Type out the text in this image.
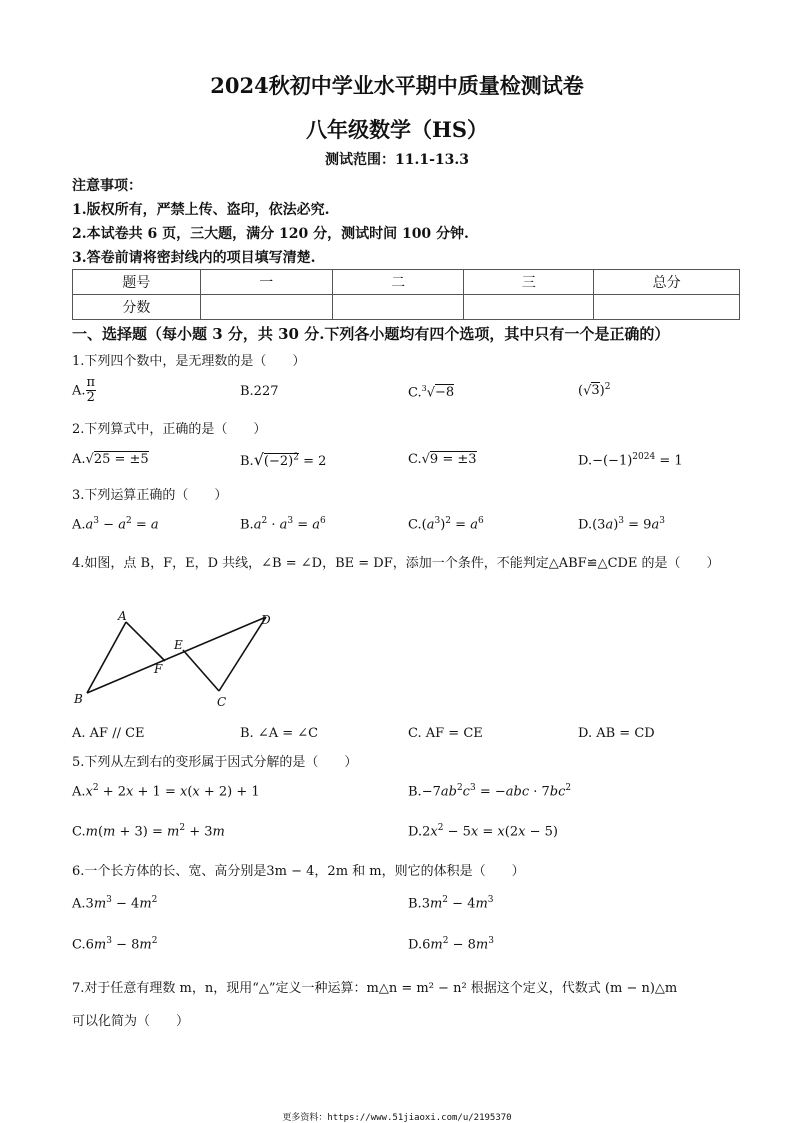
2024秋初中学业水平期中质量检测试卷
八年级数学（HS）
测试范围：11.1-13.3
注意事项：
1.版权所有，严禁上传、盗印，依法必究.
2.本试卷共 6 页，三大题，满分 120 分，测试时间 100 分钟.
3.答卷前请将密封线内的项目填写清楚.
题号	一	二	三	总分
分数				
一、选择题（每小题 3 分，共 30 分.下列各小题均有四个选项，其中只有一个是正确的）
1.下列四个数中，是无理数的是（　　）
A. $\frac{\pi}{2}$	B.227	C.$^3$√−8	$(√3)^2$
2.下列算式中，正确的是（　　）
A.√25 = ±5	$B.√(-2)^2 = 2$	C.√9 = ±3	$D.-(-1)^{2024} = 1$
3.下列运算正确的（　　）
$A.a^3 - a^2 = a$	$B.a^2 \cdot a^3 = a^6$	$C.(a^3)^2 = a^6$	$D.(3a)^3 = 9a^3$
4.如图，点 B，F，E，D 共线，∠B = ∠D，BE = DF，添加一个条件，不能判定△ABF≌△CDE 的是（　　）
A
B	C
D
E
F
A. AF // CE	B. ∠A = ∠C	C. AF = CE	D. AB = CD
5.下列从左到右的变形属于因式分解的是（　　）
$A.x^2 + 2x + 1 = x(x + 2) + 1$	$B.-7ab^2c^3 = -abc \cdot 7bc^2$
$C.m(m + 3) = m^2 + 3m$	$D.2x^2 - 5x = x(2x - 5)$
6.一个长方体的长、宽、高分别是3m − 4，2m 和 m，则它的体积是（　　）
$A.3m^3 - 4m^2$	$B.3m^2 - 4m^3$
$C.6m^3 - 8m^2$	$D.6m^2 - 8m^3$
7.对于任意有理数 m，n，现用“△”定义一种运算：m△n = m² − n² 根据这个定义，代数式 (m − n)△m
可以化简为（　　）
更多资料：https://www.51jiaoxi.com/u/2195370
